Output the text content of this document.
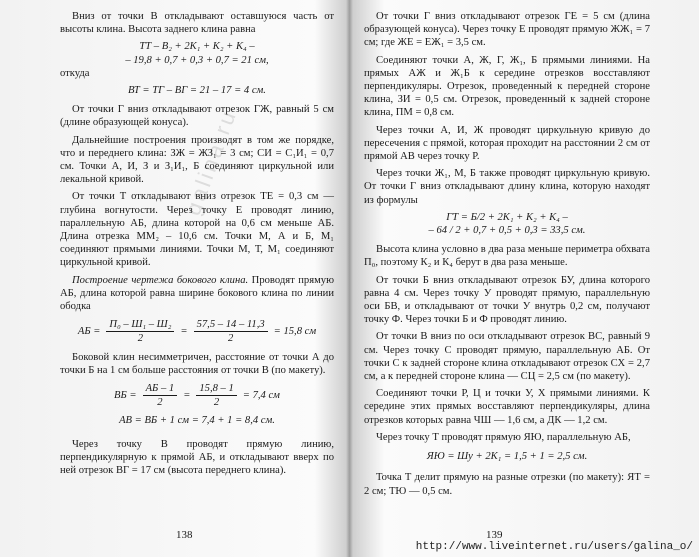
galina.ru

Вниз от точки В откладывают оставшуюся часть от высоты клина. Высота заднего клина равна

ТТ – В₂ + 2К₁ + К₂ + К₄ –
– 19,8 + 0,7 + 0,3 + 0,7 = 21 см,

откуда

ВТ = ТГ – ВГ = 21 – 17 = 4 см.

От точки Г вниз откладывают отрезок ГЖ, равный 5 см (длине образующей конуса).

Дальнейшие построения производят в том же порядке, что и переднего клина: ЗЖ = ЖЗ₁ = 3 см; СИ = С₁И₁ = 0,7 см. Точки А, И, З и З₁И₁, Б соединяют циркульной или лекальной кривой.

От точки Т откладывают вниз отрезок ТЕ = 0,3 см — глубина вогнутости. Через точку Е проводят линию, параллельную АБ, длина которой на 0,6 см меньше АБ. Длина отрезка ММ₂ – 10,6 см. Точки М, А и Б, М₁ соединяют прямыми линиями. Точки М, Т, М₁ соединяют циркульной кривой.

Построение чертежа бокового клина. Проводят прямую АБ, длина которой равна ширине бокового клина по линии ободка

АБ = $\frac{\text{П₀ – Ш₁ – Ш₂}}{2} = \frac{57,5 - 14 - 11,3}{2} = 15,8$ см

Боковой клин несимметричен, расстояние от точки А до точки Б на 1 см больше расстояния от точки В (по макету).

ВБ = $\frac{АБ - 1}{2} = \frac{15,8 - 1}{2} = 7,4$ см
АВ = ВБ + 1 см = 7,4 + 1 = 8,4 см.

Через точку В проводят прямую линию, перпендикулярную к прямой АБ, и откладывают вверх по ней отрезок ВГ = 17 см (высота переднего клина).

138

От точки Г вниз откладывают отрезок ГЕ = 5 см (длина образующей конуса). Через точку Е проводят прямую ЖЖ₁ = 7 см; где ЖЕ = ЕЖ₁ = 3,5 см.

Соединяют точки А, Ж, Г, Ж₁, Б прямыми линиями. На прямых АЖ и Ж₁Б к середине отрезков восставляют перпендикуляры. Отрезок, проведенный к передней стороне клина, ЗИ = 0,5 см. Отрезок, проведенный к задней стороне клина, ПМ = 0,8 см.

Через точки А, И, Ж проводят циркульную кривую до пересечения с прямой, которая проходит на расстоянии 2 см от прямой АВ через точку Р.

Через точки Ж₁, М, Б также проводят циркульную кривую. От точки Г вниз откладывают длину клина, которую находят из формулы

ГТ = Б/2 + 2К₁ + К₂ + К₄ –
– 64 / 2 + 0,7 + 0,5 + 0,3 = 33,5 см.

Высота клина условно в два раза меньше периметра обхвата П₀, поэтому К₂ и К₄ берут в два раза меньше.

От точки Б вниз откладывают отрезок БУ, длина которого равна 4 см. Через точку У проводят прямую, параллельную оси БВ, и откладывают от точки У внутрь 0,2 см, получают точку Ф. Через точки Б и Ф проводят линию.

От точки В вниз по оси откладывают отрезок ВС, равный 9 см. Через точку С проводят прямую, параллельную АБ. От точки С к задней стороне клина откладывают отрезок СХ = 2,7 см, а к передней стороне клина — СЦ = 2,5 см (по макету).

Соединяют точки Р, Ц и точки У, Х прямыми линиями. К середине этих прямых восставляют перпендикуляры, длина отрезков которых равна ЧШ — 1,6 см, а ДК — 1,2 см.

Через точку Т проводят прямую ЯЮ, параллельную АБ,

ЯЮ = Шу + 2К₁ = 1,5 + 1 = 2,5 см.

Точка Т делит прямую на разные отрезки (по макету): ЯТ = 2 см; ТЮ — 0,5 см.

139
http://www.liveinternet.ru/users/galina_o/
